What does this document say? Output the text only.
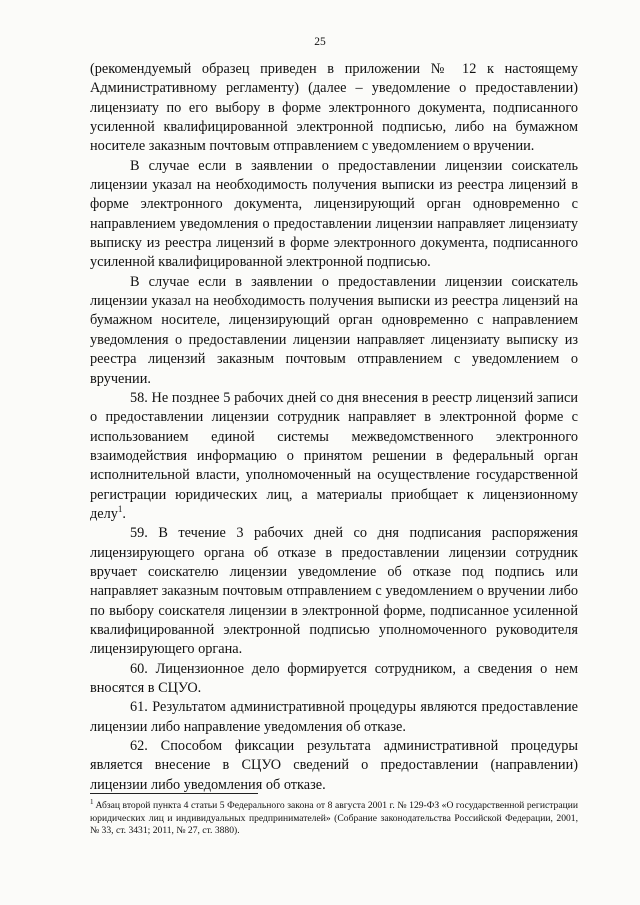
25

(рекомендуемый образец приведен в приложении № 12 к настоящему Административному регламенту) (далее – уведомление о предоставлении) лицензиату по его выбору в форме электронного документа, подписанного усиленной квалифицированной электронной подписью, либо на бумажном носителе заказным почтовым отправлением с уведомлением о вручении.

В случае если в заявлении о предоставлении лицензии соискатель лицензии указал на необходимость получения выписки из реестра лицензий в форме электронного документа, лицензирующий орган одновременно с направлением уведомления о предоставлении лицензии направляет лицензиату выписку из реестра лицензий в форме электронного документа, подписанного усиленной квалифицированной электронной подписью.

В случае если в заявлении о предоставлении лицензии соискатель лицензии указал на необходимость получения выписки из реестра лицензий на бумажном носителе, лицензирующий орган одновременно с направлением уведомления о предоставлении лицензии направляет лицензиату выписку из реестра лицензий заказным почтовым отправлением с уведомлением о вручении.

58. Не позднее 5 рабочих дней со дня внесения в реестр лицензий записи о предоставлении лицензии сотрудник направляет в электронной форме с использованием единой системы межведомственного электронного взаимодействия информацию о принятом решении в федеральный орган исполнительной власти, уполномоченный на осуществление государственной регистрации юридических лиц, а материалы приобщает к лицензионному делу$^1$.

59. В течение 3 рабочих дней со дня подписания распоряжения лицензирующего органа об отказе в предоставлении лицензии сотрудник вручает соискателю лицензии уведомление об отказе под подпись или направляет заказным почтовым отправлением с уведомлением о вручении либо по выбору соискателя лицензии в электронной форме, подписанное усиленной квалифицированной электронной подписью уполномоченного руководителя лицензирующего органа.

60. Лицензионное дело формируется сотрудником, а сведения о нем вносятся в СЦУО.

61. Результатом административной процедуры являются предоставление лицензии либо направление уведомления об отказе.

62. Способом фиксации результата административной процедуры является внесение в СЦУО сведений о предоставлении (направлении) лицензии либо уведомления об отказе.

$^1$ Абзац второй пункта 4 статьи 5 Федерального закона от 8 августа 2001 г. № 129-ФЗ «О государственной регистрации юридических лиц и индивидуальных предпринимателей» (Собрание законодательства Российской Федерации, 2001, № 33, ст. 3431; 2011, № 27, ст. 3880).
